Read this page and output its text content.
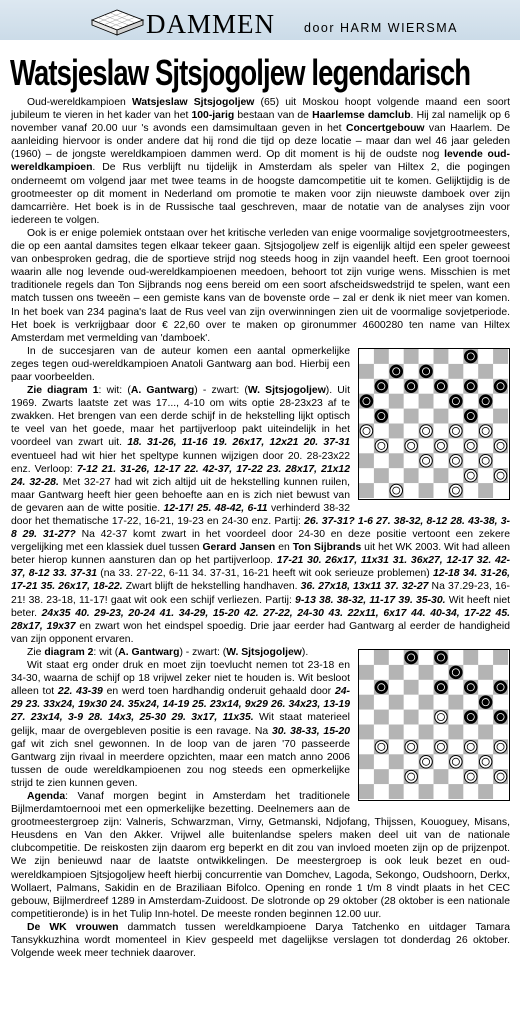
DAMMEN door HARM WIERSMA
Watsjeslaw Sjtsjogoljew legendarisch

Oud-wereldkampioen Watsjeslaw Sjtsjogoljew (65) uit Moskou hoopt volgende maand een soort jubileum te vieren in het kader van het 100-jarig bestaan van de Haarlemse damclub. Hij zal namelijk op 6 november vanaf 20.00 uur 's avonds een damsimultaan geven in het Concertgebouw van Haarlem. De aanleiding hiervoor is onder andere dat hij rond die tijd op deze locatie – maar dan wel 46 jaar geleden (1960) – de jongste wereldkampioen dammen werd. Op dit moment is hij de oudste nog levende oud-wereldkampioen. De Rus verblijft nu tijdelijk in Amsterdam als speler van Hiltex 2, die pogingen onderneemt om volgend jaar met twee teams in de hoogste damcompetitie uit te komen. Gelijktijdig is de grootmeester op dit moment in Nederland om promotie te maken voor zijn nieuwste damboek over zijn damcarrière. Het boek is in de Russische taal geschreven, maar de notatie van de analyses zijn voor iedereen te volgen.

Ook is er enige polemiek ontstaan over het kritische verleden van enige voormalige sovjetgrootmeesters, die op een aantal damsites tegen elkaar tekeer gaan. Sjtsjogoljew zelf is eigenlijk altijd een speler geweest van onbesproken gedrag, die de sportieve strijd nog steeds hoog in zijn vaandel heeft. Een groot toernooi waarin alle nog levende oud-wereldkampioenen meedoen, behoort tot zijn vurige wens. Misschien is met traditionele regels dan Ton Sijbrands nog eens bereid om een soort afscheidswedstrijd te spelen, want een match tussen ons tweeën – een gemiste kans van de bovenste orde – zal er denk ik niet meer van komen. In het boek van 234 pagina's laat de Rus veel van zijn overwinningen zien uit de voormalige sovjetperiode. Het boek is verkrijgbaar door € 22,60 over te maken op gironummer 4600280 ten name van Hiltex Amsterdam met vermelding van 'damboek'.

In de succesjaren van de auteur komen een aantal opmerkelijke zeges tegen oud-wereldkampioen Anatoli Gantwarg aan bod. Hierbij een paar voorbeelden.

Zie diagram 1: wit: (A. Gantwarg) - zwart: (W. Sjtsjogoljew). Uit 1969. Zwarts laatste zet was 17..., 4-10 om wits optie 28-23x23 af te zwakken. Het brengen van een derde schijf in de hekstelling lijkt optisch te veel van het goede, maar het partijverloop pakt uiteindelijk in het voordeel van zwart uit. 18. 31-26, 11-16 19. 26x17, 12x21 20. 37-31 eventueel had wit hier het speltype kunnen wijzigen door 20. 28-23x22 enz. Verloop: 7-12 21. 31-26, 12-17 22. 42-37, 17-22 23. 28x17, 21x12 24. 32-28. Met 32-27 had wit zich altijd uit de hekstelling kunnen ruilen, maar Gantwarg heeft hier geen behoefte aan en is zich niet bewust van de gevaren aan de witte positie. 12-17! 25. 48-42, 6-11 verhinderd 38-32 door het thematische 17-22, 16-21, 19-23 en 24-30 enz. Partij: 26. 37-31? 1-6 27. 38-32, 8-12 28. 43-38, 3-8 29. 31-27? Na 42-37 komt zwart in het voordeel door 24-30 en deze positie vertoont een zekere vergelijking met een klassiek duel tussen Gerard Jansen en Ton Sijbrands uit het WK 2003. Wit had alleen beter hierop kunnen aansturen dan op het partijverloop. 17-21 30. 26x17, 11x31 31. 36x27, 12-17 32. 42-37, 8-12 33. 37-31 (na 33. 27-22, 6-11 34. 37-31, 16-21 heeft wit ook serieuze problemen) 12-18 34. 31-26, 17-21 35. 26x17, 18-22. Zwart blijft de hekstelling handhaven. 36. 27x18, 13x11 37. 32-27 Na 37.29-23, 16-21! 38. 23-18, 11-17! gaat wit ook een schijf verliezen. Partij: 9-13 38. 38-32, 11-17 39. 35-30. Wit heeft niet beter. 24x35 40. 29-23, 20-24 41. 34-29, 15-20 42. 27-22, 24-30 43. 22x11, 6x17 44. 40-34, 17-22 45. 28x17, 19x37 en zwart won het eindspel spoedig. Drie jaar eerder had Gantwarg al eerder de handigheid van zijn opponent ervaren.

Zie diagram 2: wit (A. Gantwarg) - zwart: (W. Sjtsjogoljew).

Wit staat erg onder druk en moet zijn toevlucht nemen tot 23-18 en 34-30, waarna de schijf op 18 vrijwel zeker niet te houden is. Wit besloot alleen tot 22. 43-39 en werd toen hardhandig onderuit gehaald door 24-29 23. 33x24, 19x30 24. 35x24, 14-19 25. 23x14, 9x29 26. 34x23, 13-19 27. 23x14, 3-9 28. 14x3, 25-30 29. 3x17, 11x35. Wit staat materieel gelijk, maar de overgebleven positie is een ravage. Na 30. 38-33, 15-20 gaf wit zich snel gewonnen. In de loop van de jaren '70 passeerde Gantwarg zijn rivaal in meerdere opzichten, maar een match anno 2006 tussen de oude wereldkampioenen zou nog steeds een opmerkelijke strijd te zien kunnen geven.

Agenda: Vanaf morgen begint in Amsterdam het traditionele Bijlmerdamtoernooi met een opmerkelijke bezetting. Deelnemers aan de grootmeestergroep zijn: Valneris, Schwarzman, Virny, Getmanski, Ndjofang, Thijssen, Kouoguey, Misans, Heusdens en Van den Akker. Vrijwel alle buitenlandse spelers maken deel uit van de nationale clubcompetitie. De reiskosten zijn daarom erg beperkt en dit zou van invloed moeten zijn op de prijzenpot. We zijn benieuwd naar de laatste ontwikkelingen. De meestergroep is ook leuk bezet en oud-wereldkampioen Sjtsjogoljew heeft hierbij concurrentie van Domchev, Lagoda, Sekongo, Oudshoorn, Derkx, Wollaert, Palmans, Sakidin en de Braziliaan Bifolco. Opening en ronde 1 t/m 8 vindt plaats in het CEC gebouw, Bijlmerdreef 1289 in Amsterdam-Zuidoost. De slotronde op 29 oktober (28 oktober is een nationale competitieronde) is in het Tulip Inn-hotel. De meeste ronden beginnen 12.00 uur.

De WK vrouwen dammatch tussen wereldkampioene Darya Tatchenko en uitdager Tamara Tansykkuzhina wordt momenteel in Kiev gespeeld met dagelijkse verslagen tot donderdag 26 oktober. Volgende week meer techniek daarover.
